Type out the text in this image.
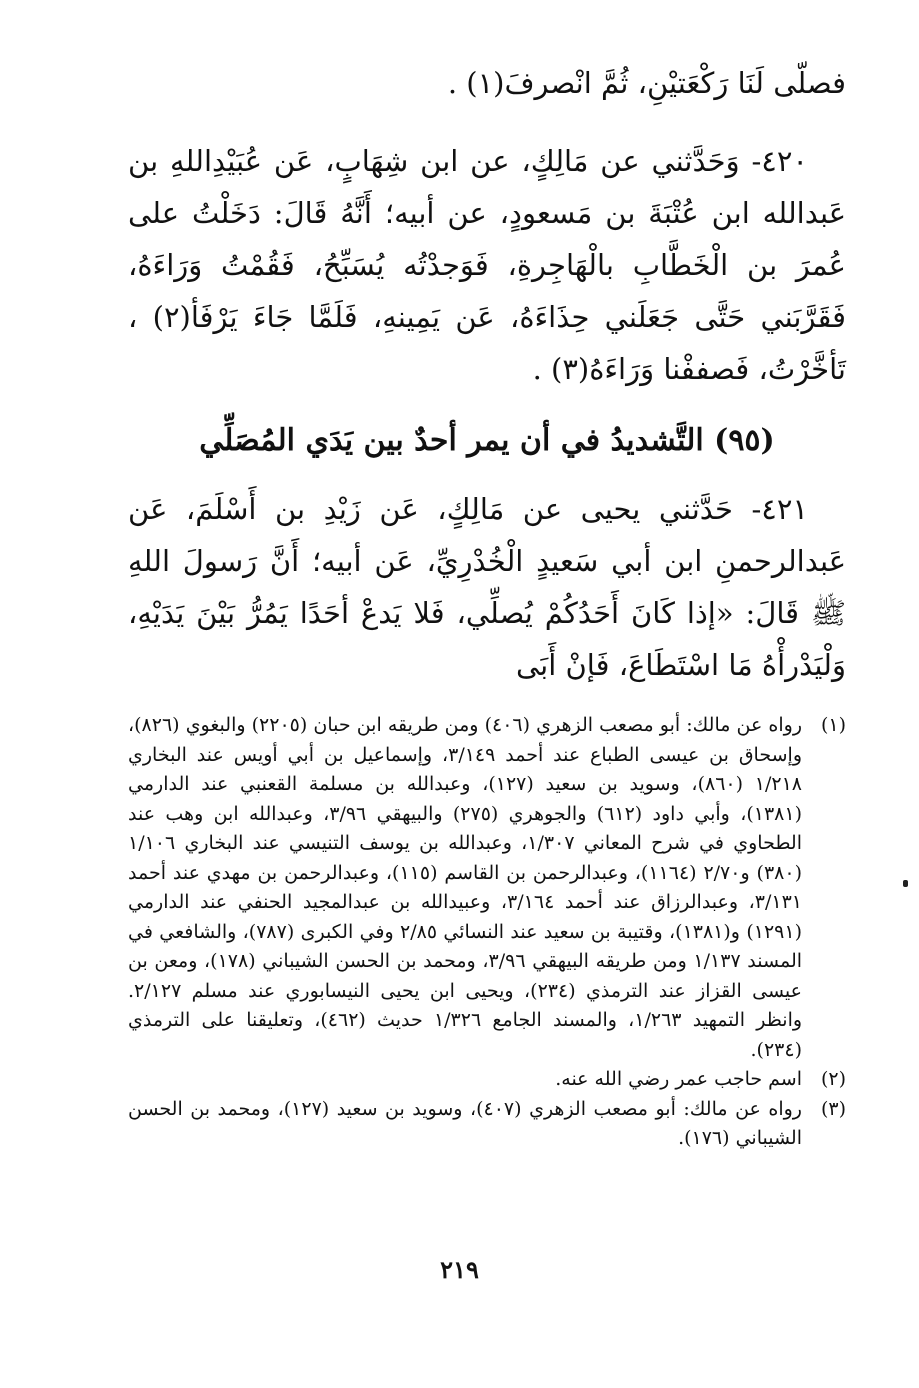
فصلّى لَنَا رَكْعَتيْنِ، ثُمَّ انْصرفَ(١) .

٤٢٠- وَحَدَّثني عن مَالِكٍ، عن ابن شِهَابٍ، عَن عُبَيْدِاللهِ بن عَبدالله ابن عُتْبَةَ بن مَسعودٍ، عن أبيه؛ أَنَّهُ قَالَ: دَخَلْتُ على عُمرَ بن الْخَطَّابِ بالْهَاجِرةِ، فَوَجدْتُه يُسَبِّحُ، فَقُمْتُ وَرَاءَهُ، فَقَرَّبَني حَتَّى جَعَلَني حِذَاءَهُ، عَن يَمِينهِ، فَلَمَّا جَاءَ يَرْفَأ(٢) ، تَأخَّرْتُ، فَصففْنا وَرَاءَهُ(٣) .

(٩٥) التَّشديدُ في أن يمر أحدٌ بين يَدَي المُصَلِّي

٤٢١- حَدَّثني يحيى عن مَالِكٍ، عَن زَيْدِ بن أَسْلَمَ، عَن عَبدالرحمنِ ابن أبي سَعيدٍ الْخُدْرِيِّ، عَن أبيه؛ أَنَّ رَسولَ اللهِ ﷺ قَالَ: «إذا كَانَ أَحَدُكُمْ يُصلِّي، فَلا يَدعْ أحَدًا يَمُرُّ بَيْنَ يَدَيْهِ، وَلْيَدْرأْهُ مَا اسْتَطَاعَ، فَإنْ أَبَى

(١)
رواه عن مالك: أبو مصعب الزهري (٤٠٦) ومن طريقه ابن حبان (٢٢٠٥) والبغوي (٨٢٦)، وإسحاق بن عيسى الطباع عند أحمد ٣/١٤٩، وإسماعيل بن أبي أويس عند البخاري ١/٢١٨ (٨٦٠)، وسويد بن سعيد (١٢٧)، وعبدالله بن مسلمة القعنبي عند الدارمي (١٣٨١)، وأبي داود (٦١٢) والجوهري (٢٧٥) والبيهقي ٣/٩٦، وعبدالله ابن وهب عند الطحاوي في شرح المعاني ١/٣٠٧، وعبدالله بن يوسف التنيسي عند البخاري ١/١٠٦ (٣٨٠) و٢/٧٠ (١١٦٤)، وعبدالرحمن بن القاسم (١١٥)، وعبدالرحمن بن مهدي عند أحمد ٣/١٣١، وعبدالرزاق عند أحمد ٣/١٦٤، وعبيدالله بن عبدالمجيد الحنفي عند الدارمي (١٢٩١) و(١٣٨١)، وقتيبة بن سعيد عند النسائي ٢/٨٥ وفي الكبرى (٧٨٧)، والشافعي في المسند ١/١٣٧ ومن طريقه البيهقي ٣/٩٦، ومحمد بن الحسن الشيباني (١٧٨)، ومعن بن عيسى القزاز عند الترمذي (٢٣٤)، ويحيى ابن يحيى النيسابوري عند مسلم ٢/١٢٧. وانظر التمهيد ١/٢٦٣، والمسند الجامع ١/٣٢٦ حديث (٤٦٢)، وتعليقنا على الترمذي (٢٣٤).
(٢)
اسم حاجب عمر رضي الله عنه.
(٣)
رواه عن مالك: أبو مصعب الزهري (٤٠٧)، وسويد بن سعيد (١٢٧)، ومحمد بن الحسن الشيباني (١٧٦).
٢١٩
